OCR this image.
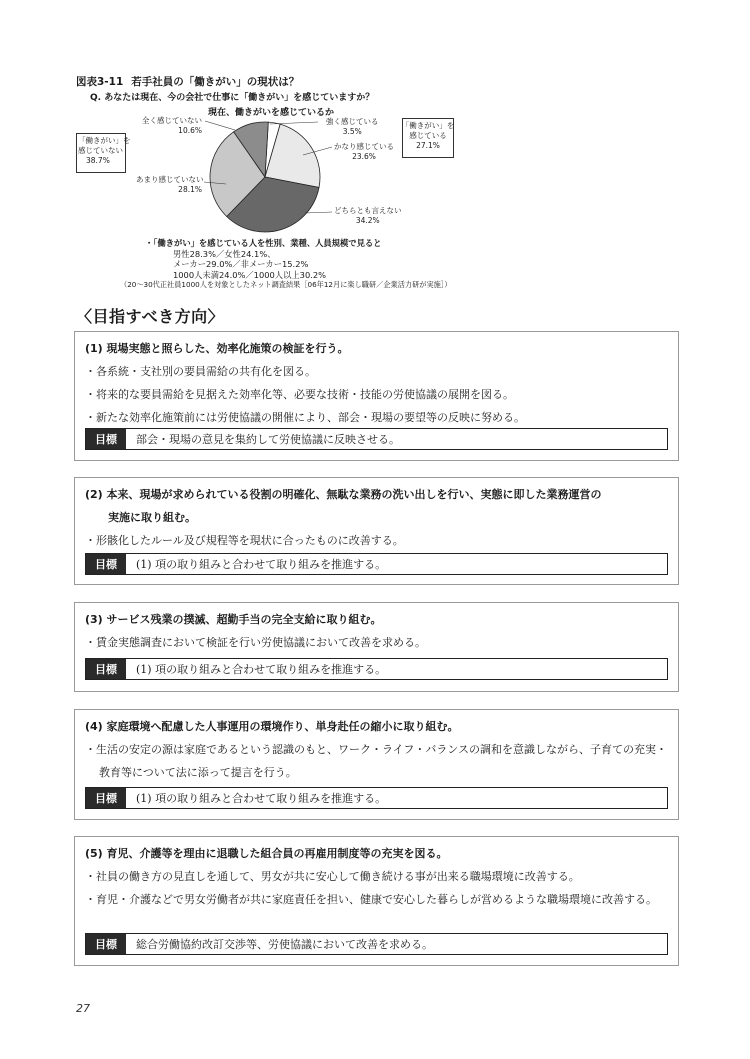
図表3-11 若手社員の「働きがい」の現状は？
Q. あなたは現在、今の会社で仕事に「働きがい」を感じていますか？
現在、働きがいを感じているか
強く感じている
3.5%
かなり感じている
23.6%
どちらとも言えない
34.2%
あまり感じていない
28.1%
全く感じていない
10.6%
「働きがい」を
感じている
27.1%
「働きがい」を
感じていない
38.7%
・「働きがい」を感じている人を性別、業種、人員規模で見ると
男性28.3%／女性24.1%、
メーカー29.0%／非メーカー15.2%
1000人未満24.0%／1000人以上30.2%
（20～30代正社員1000人を対象としたネット調査結果［06年12月に楽し職研／企業活力研が実施］）
〈目指すべき方向〉
(1) 現場実態と照らした、効率化施策の検証を行う。
・各系統・支社別の要員需給の共有化を図る。
・将来的な要員需給を見据えた効率化等、必要な技術・技能の労使協議の展開を図る。
・新たな効率化施策前には労使協議の開催により、部会・現場の要望等の反映に努める。
目標	部会・現場の意見を集約して労使協議に反映させる。
(2) 本来、現場が求められている役割の明確化、無駄な業務の洗い出しを行い、実態に即した業務運営の
実施に取り組む。
・形骸化したルール及び規程等を現状に合ったものに改善する。
目標	(1) 項の取り組みと合わせて取り組みを推進する。
(3) サービス残業の撲滅、超勤手当の完全支給に取り組む。
・賃金実態調査において検証を行い労使協議において改善を求める。
目標	(1) 項の取り組みと合わせて取り組みを推進する。
(4) 家庭環境へ配慮した人事運用の環境作り、単身赴任の縮小に取り組む。
・生活の安定の源は家庭であるという認識のもと、ワーク・ライフ・バランスの調和を意識しながら、子育ての充実・教育等について法に添って提言を行う。
目標	(1) 項の取り組みと合わせて取り組みを推進する。
(5) 育児、介護等を理由に退職した組合員の再雇用制度等の充実を図る。
・社員の働き方の見直しを通して、男女が共に安心して働き続ける事が出来る職場環境に改善する。
・育児・介護などで男女労働者が共に家庭責任を担い、健康で安心した暮らしが営めるような職場環境に改善する。
目標	総合労働協約改訂交渉等、労使協議において改善を求める。
27
